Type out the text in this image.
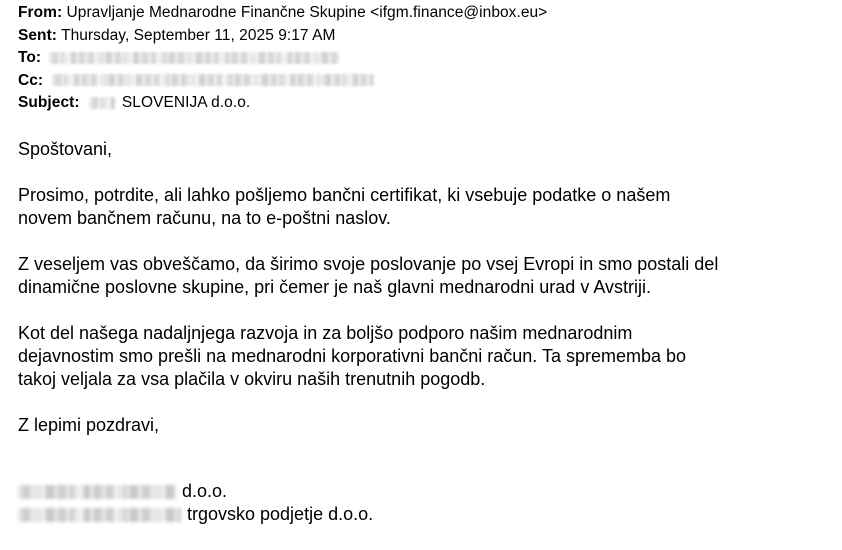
From: Upravljanje Mednarodne Finančne Skupine <ifgm.finance@inbox.eu>
Sent: Thursday, September 11, 2025 9:17 AM
To:
Cc:
Subject:	SLOVENIJA d.o.o.

Spoštovani,

Prosimo, potrdite, ali lahko pošljemo bančni certifikat, ki vsebuje podatke o našem
novem bančnem računu, na to e-poštni naslov.

Z veseljem vas obveščamo, da širimo svoje poslovanje po vsej Evropi in smo postali del
dinamične poslovne skupine, pri čemer je naš glavni mednarodni urad v Avstriji.

Kot del našega nadaljnjega razvoja in za boljšo podporo našim mednarodnim
dejavnostim smo prešli na mednarodni korporativni bančni račun. Ta sprememba bo
takoj veljala za vsa plačila v okviru naših trenutnih pogodb.

Z lepimi pozdravi,

d.o.o.
trgovsko podjetje d.o.o.
